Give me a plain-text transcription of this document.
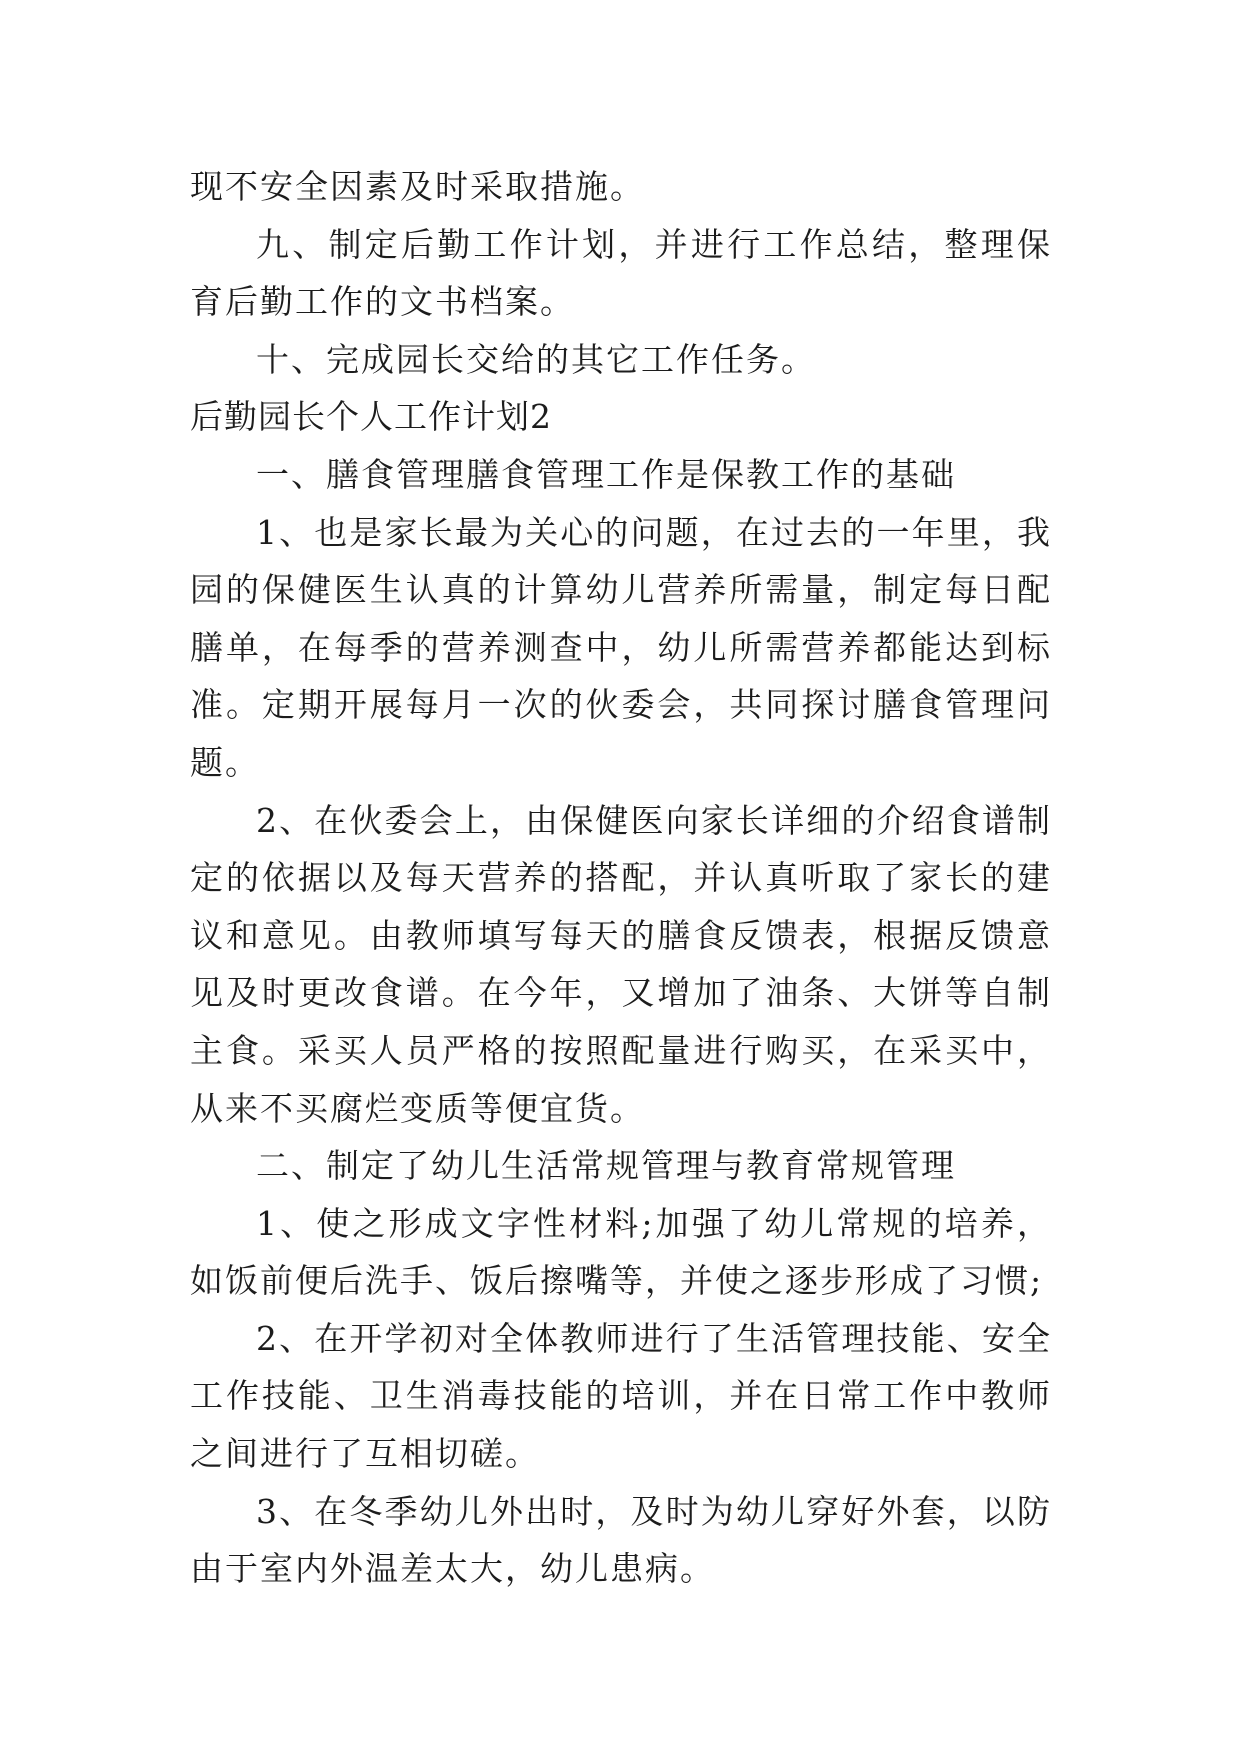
现不安全因素及时采取措施。

九、制定后勤工作计划，并进行工作总结，整理保育后勤工作的文书档案。

十、完成园长交给的其它工作任务。

后勤园长个人工作计划2

一、膳食管理膳食管理工作是保教工作的基础

1、也是家长最为关心的问题，在过去的一年里，我园的保健医生认真的计算幼儿营养所需量，制定每日配膳单，在每季的营养测查中，幼儿所需营养都能达到标准。定期开展每月一次的伙委会，共同探讨膳食管理问题。

2、在伙委会上，由保健医向家长详细的介绍食谱制定的依据以及每天营养的搭配，并认真听取了家长的建议和意见。由教师填写每天的膳食反馈表，根据反馈意见及时更改食谱。在今年，又增加了油条、大饼等自制主食。采买人员严格的按照配量进行购买，在采买中，从来不买腐烂变质等便宜货。

二、制定了幼儿生活常规管理与教育常规管理

1、使之形成文字性材料;加强了幼儿常规的培养，如饭前便后洗手、饭后擦嘴等，并使之逐步形成了习惯;

2、在开学初对全体教师进行了生活管理技能、安全工作技能、卫生消毒技能的培训，并在日常工作中教师之间进行了互相切磋。

3、在冬季幼儿外出时，及时为幼儿穿好外套，以防由于室内外温差太大，幼儿患病。
